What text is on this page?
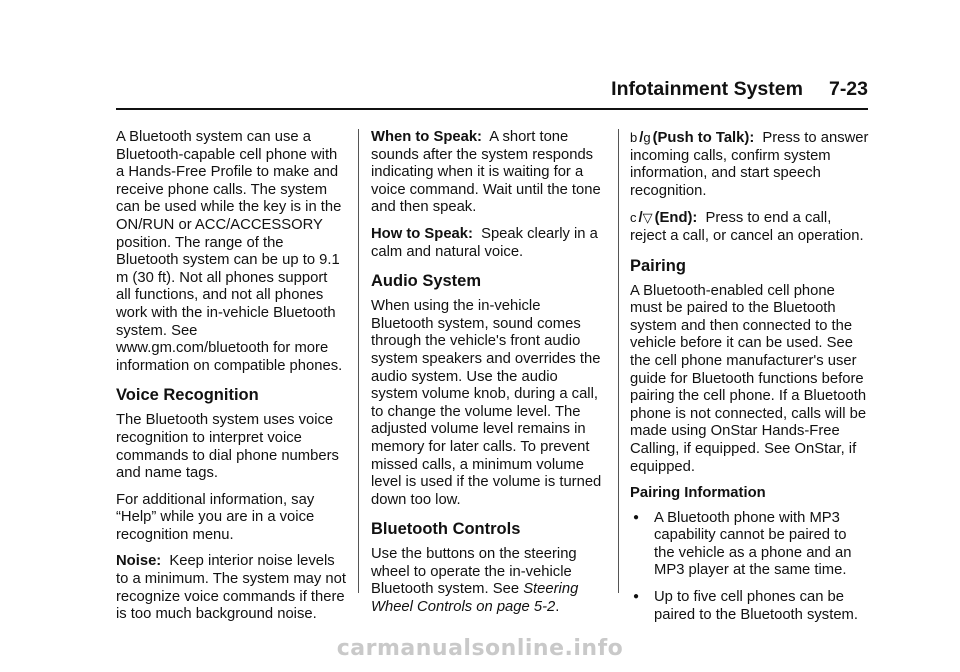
Infotainment System 7-23

A Bluetooth system can use a Bluetooth-capable cell phone with a Hands-Free Profile to make and receive phone calls. The system can be used while the key is in the ON/RUN or ACC/ACCESSORY position. The range of the Bluetooth system can be up to 9.1 m (30 ft). Not all phones support all functions, and not all phones work with the in-vehicle Bluetooth system. See www.gm.com/bluetooth for more information on compatible phones.

Voice Recognition

The Bluetooth system uses voice recognition to interpret voice commands to dial phone numbers and name tags.

For additional information, say “Help” while you are in a voice recognition menu.

Noise: Keep interior noise levels to a minimum. The system may not recognize voice commands if there is too much background noise.

When to Speak: A short tone sounds after the system responds indicating when it is waiting for a voice command. Wait until the tone and then speak.

How to Speak: Speak clearly in a calm and natural voice.

Audio System

When using the in-vehicle Bluetooth system, sound comes through the vehicle's front audio system speakers and overrides the audio system. Use the audio system volume knob, during a call, to change the volume level. The adjusted volume level remains in memory for later calls. To prevent missed calls, a minimum volume level is used if the volume is turned down too low.

Bluetooth Controls

Use the buttons on the steering wheel to operate the in-vehicle Bluetooth system. See Steering Wheel Controls on page 5-2.

b /g (Push to Talk): Press to answer incoming calls, confirm system information, and start speech recognition.

c /▽ (End): Press to end a call, reject a call, or cancel an operation.

Pairing

A Bluetooth-enabled cell phone must be paired to the Bluetooth system and then connected to the vehicle before it can be used. See the cell phone manufacturer's user guide for Bluetooth functions before pairing the cell phone. If a Bluetooth phone is not connected, calls will be made using OnStar Hands-Free Calling, if equipped. See OnStar, if equipped.

Pairing Information
● A Bluetooth phone with MP3 capability cannot be paired to the vehicle as a phone and an MP3 player at the same time.
● Up to five cell phones can be paired to the Bluetooth system.
carmanualsonline.info
